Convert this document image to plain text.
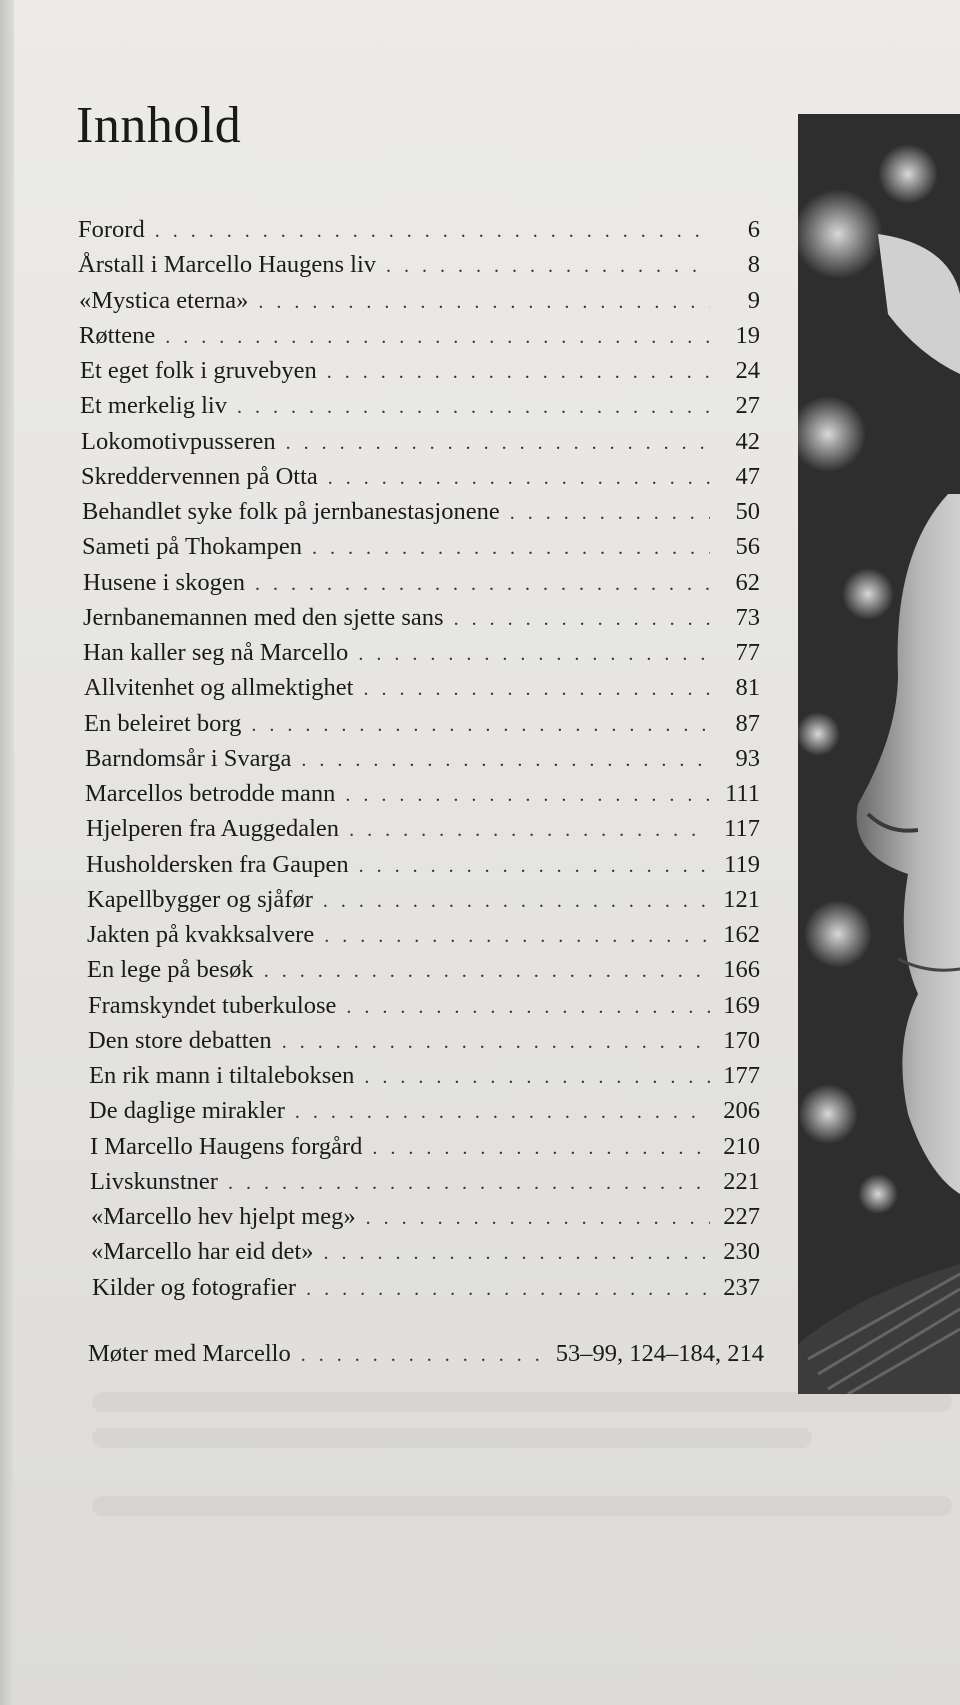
Innhold
Forord . . .	6
Årstall i Marcello Haugens liv . . .	8
«Mystica eterna» . . .	9
Røttene . . .	19
Et eget folk i gruvebyen . . .	24
Et merkelig liv . . .	27
Lokomotivpusseren . . .	42
Skreddervennen på Otta . . .	47
Behandlet syke folk på jernbanestasjonene . . .	50
Sameti på Thokampen . . .	56
Husene i skogen . . .	62
Jernbanemannen med den sjette sans . . .	73
Han kaller seg nå Marcello . . .	77
Allvitenhet og allmektighet . . .	81
En beleiret borg . . .	87
Barndomsår i Svarga . . .	93
Marcellos betrodde mann . . .	111
Hjelperen fra Auggedalen . . .	117
Husholdersken fra Gaupen . . .	119
Kapellbygger og sjåfør . . .	121
Jakten på kvakksalvere . . .	162
En lege på besøk . . .	166
Framskyndet tuberkulose . . .	169
Den store debatten . . .	170
En rik mann i tiltaleboksen . . .	177
De daglige mirakler . . .	206
I Marcello Haugens forgård . . .	210
Livskunstner . . .	221
«Marcello hev hjelpt meg» . . .	227
«Marcello har eid det» . . .	230
Kilder og fotografier . . .	237
Møter med Marcello . . .	53–99, 124–184, 214
